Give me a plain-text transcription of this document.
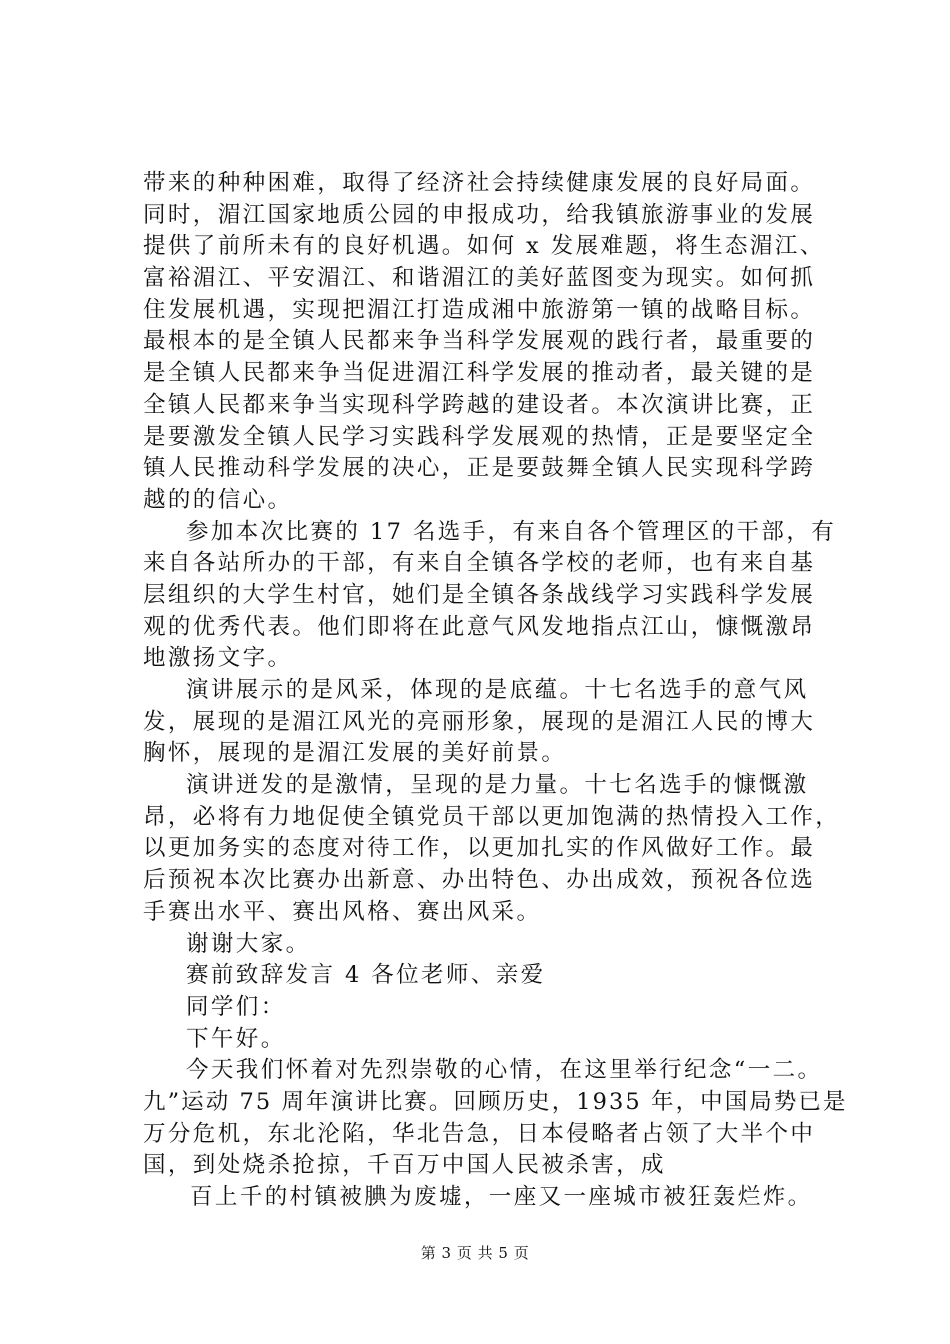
带来的种种困难，取得了经济社会持续健康发展的良好局面。
同时，湄江国家地质公园的申报成功，给我镇旅游事业的发展
提供了前所未有的良好机遇。如何 x 发展难题，将生态湄江、
富裕湄江、平安湄江、和谐湄江的美好蓝图变为现实。如何抓
住发展机遇，实现把湄江打造成湘中旅游第一镇的战略目标。
最根本的是全镇人民都来争当科学发展观的践行者，最重要的
是全镇人民都来争当促进湄江科学发展的推动者，最关键的是
全镇人民都来争当实现科学跨越的建设者。本次演讲比赛，正
是要激发全镇人民学习实践科学发展观的热情，正是要坚定全
镇人民推动科学发展的决心，正是要鼓舞全镇人民实现科学跨
越的的信心。
参加本次比赛的 17 名选手，有来自各个管理区的干部，有
来自各站所办的干部，有来自全镇各学校的老师，也有来自基
层组织的大学生村官，她们是全镇各条战线学习实践科学发展
观的优秀代表。他们即将在此意气风发地指点江山，慷慨激昂
地激扬文字。
演讲展示的是风采，体现的是底蕴。十七名选手的意气风
发，展现的是湄江风光的亮丽形象，展现的是湄江人民的博大
胸怀，展现的是湄江发展的美好前景。
演讲迸发的是激情，呈现的是力量。十七名选手的慷慨激
昂，必将有力地促使全镇党员干部以更加饱满的热情投入工作，
以更加务实的态度对待工作，以更加扎实的作风做好工作。最
后预祝本次比赛办出新意、办出特色、办出成效，预祝各位选
手赛出水平、赛出风格、赛出风采。
谢谢大家。
赛前致辞发言 4 各位老师、亲爱
同学们：
下午好。
今天我们怀着对先烈崇敬的心情，在这里举行纪念“一二。
九”运动 75 周年演讲比赛。回顾历史，1935 年，中国局势已是
万分危机，东北沦陷，华北告急，日本侵略者占领了大半个中
国，到处烧杀抢掠，千百万中国人民被杀害，成
百上千的村镇被腆为废墟，一座又一座城市被狂轰烂炸。
第 3 页 共 5 页
